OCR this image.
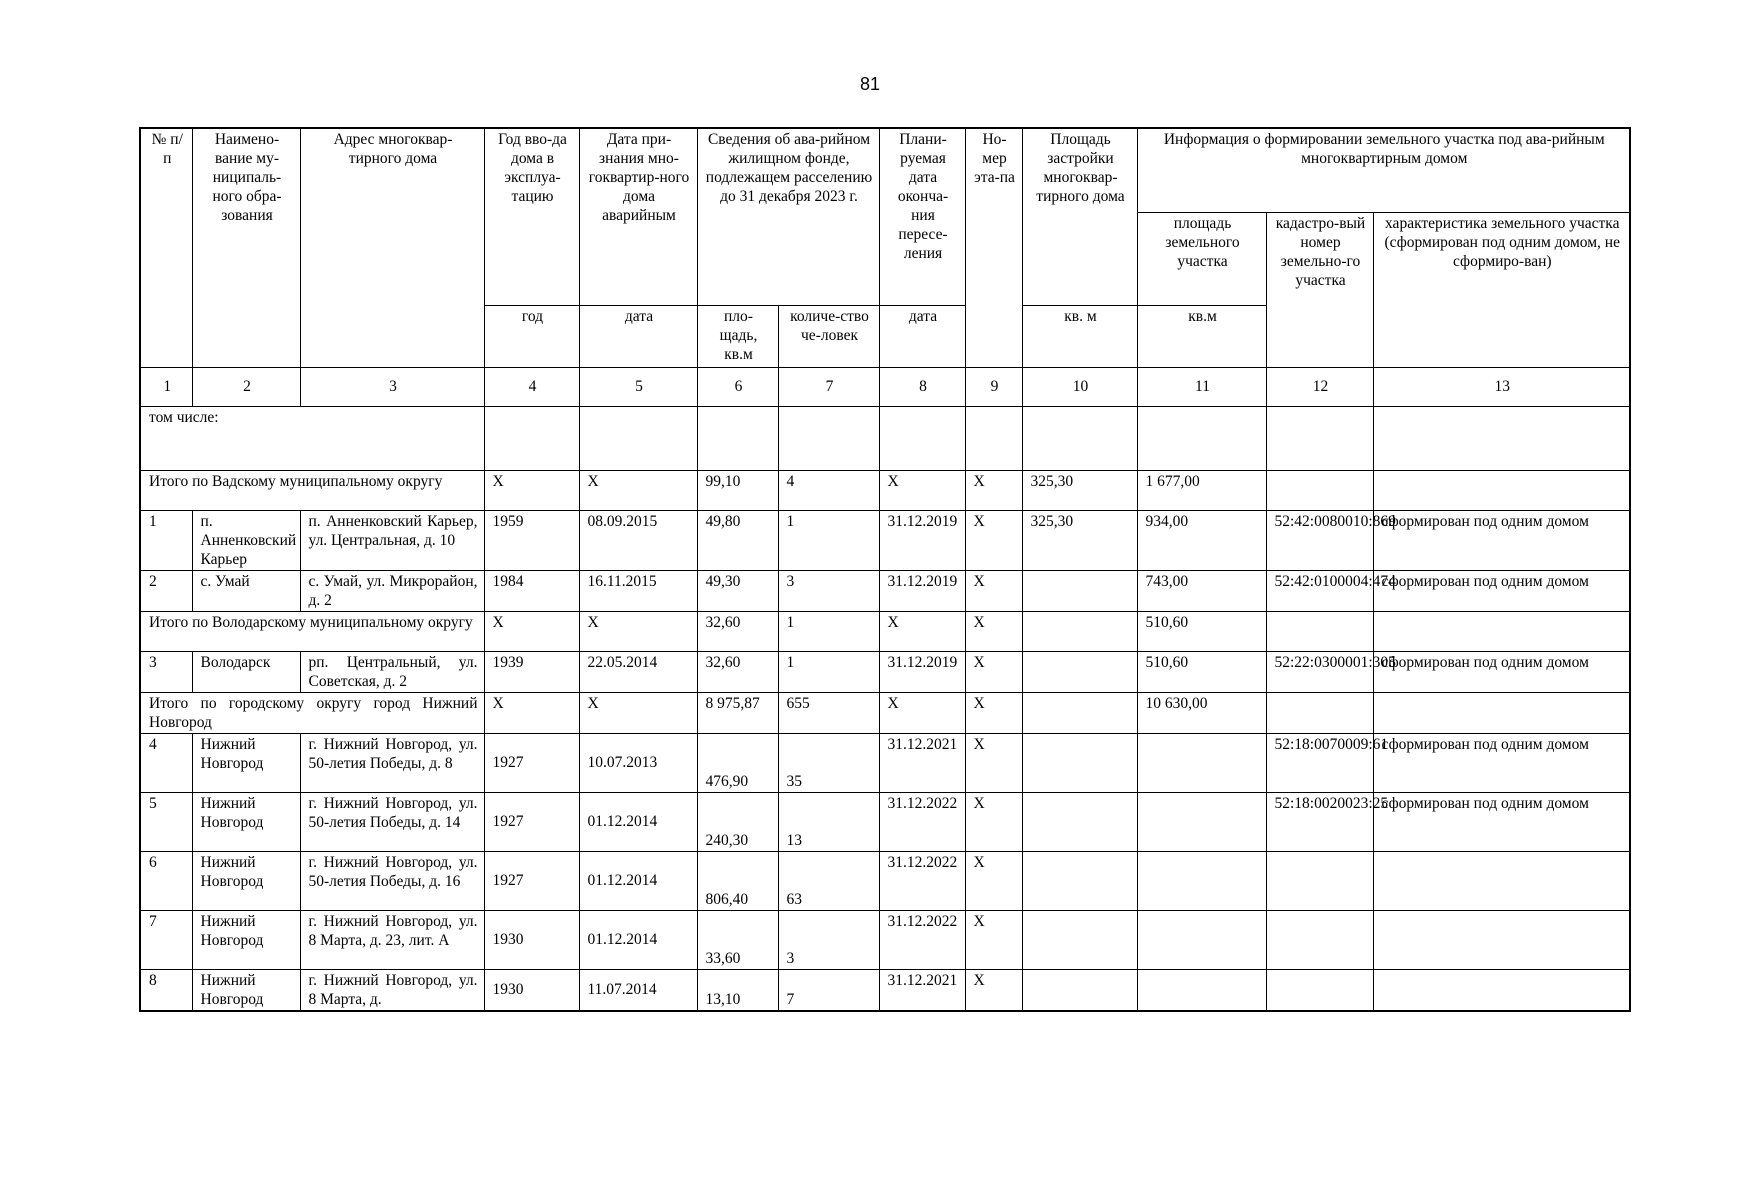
81
№ п/п	Наимено-вание му-ниципаль-ного обра-зования	Адрес многоквар-тирного дома	Год вво-да дома в эксплуа-тацию	Дата при-знания мно-гоквартир-ного дома аварийным	Сведения об ава-рийном жилищном фонде, подлежащем расселению до 31 декабря 2023 г.		Плани-руемая дата оконча-ния пересе-ления	Но-мер эта-па	Площадь застройки многоквар-тирного дома	Информация о формировании земельного участка под ава-рийным многоквартирным домом		
										площадь земельного участка	кадастро-вый номер земельно-го участка	характеристика земельного участка (сформирован под одним домом, не сформиро-ван)
			год	дата	пло-щадь, кв.м	количе-ство че-ловек	дата		кв. м	кв.м		
1	2	3	4	5	6	7	8	9	10	11	12	13
том числе:												
Итого по Вадскому муниципальному округу			X	X	99,10	4	X	X	325,30	1 677,00		
1	п. Анненковский Карьер	п. Анненковский Карьер, ул. Центральная, д. 10	1959	08.09.2015	49,80	1	31.12.2019	X	325,30	934,00	52:42:0080010:869	сформирован под одним домом
2	с. Умай	с. Умай, ул. Микрорайон, д. 2	1984	16.11.2015	49,30	3	31.12.2019	X		743,00	52:42:0100004:474	сформирован под одним домом
Итого по Володарскому муниципальному округу			X	X	32,60	1	X	X		510,60		
3	Володарск	рп. Центральный, ул. Советская, д. 2	1939	22.05.2014	32,60	1	31.12.2019	X		510,60	52:22:0300001:305	сформирован под одним домом
Итого по городскому округу город Нижний Новгород			X	X	8 975,87	655	X	X		10 630,00		
4	Нижний Новгород	г. Нижний Новгород, ул. 50-летия Победы, д. 8	1927	10.07.2013	476,90	35	31.12.2021	X			52:18:0070009:61	сформирован под одним домом
5	Нижний Новгород	г. Нижний Новгород, ул. 50-летия Победы, д. 14	1927	01.12.2014	240,30	13	31.12.2022	X			52:18:0020023:25	сформирован под одним домом
6	Нижний Новгород	г. Нижний Новгород, ул. 50-летия Победы, д. 16	1927	01.12.2014	806,40	63	31.12.2022	X				
7	Нижний Новгород	г. Нижний Новгород, ул. 8 Марта, д. 23, лит. А	1930	01.12.2014	33,60	3	31.12.2022	X				
8	Нижний Новгород	г. Нижний Новгород, ул. 8 Марта, д.	1930	11.07.2014	13,10	7	31.12.2021	X				
